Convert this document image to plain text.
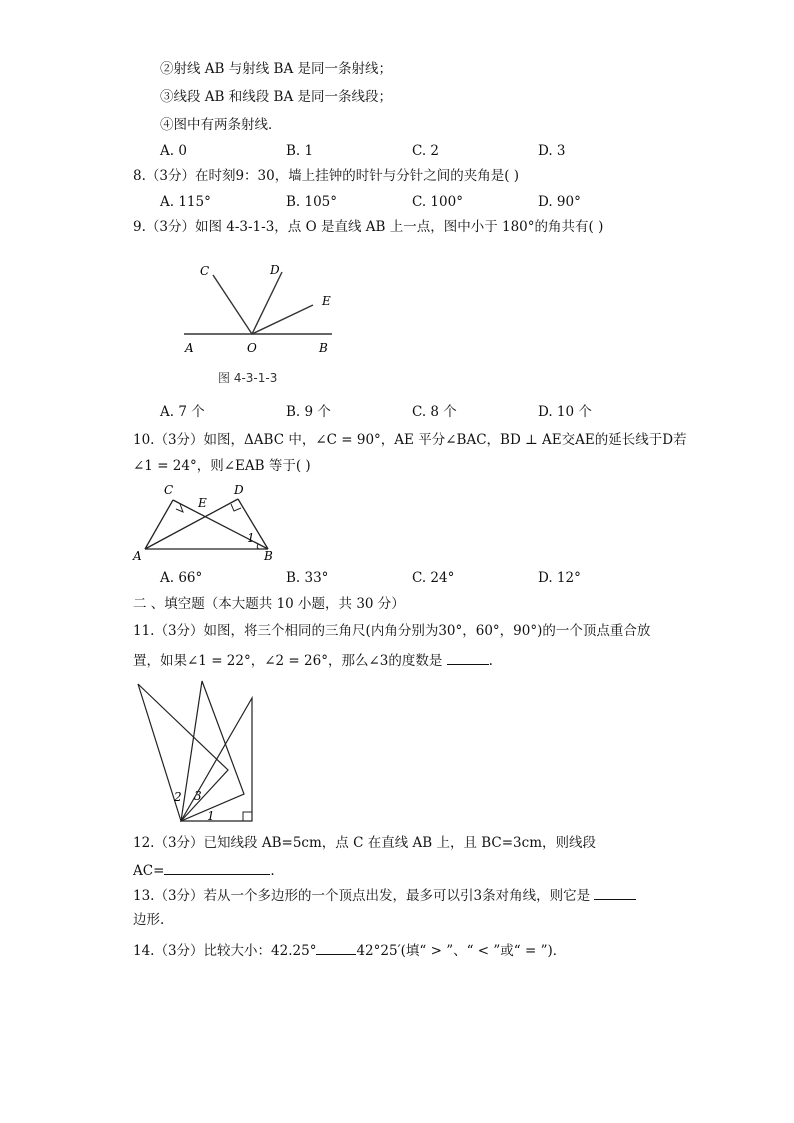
②射线 AB 与射线 BA 是同一条射线；
③线段 AB 和线段 BA 是同一条线段；
④图中有两条射线．
A. 0	B. 1	C. 2	D. 3
8.（3分）在时刻9：30，墙上挂钟的时针与分针之间的夹角是( )
A. 115°	B. 105°	C. 100°	D. 90°
9.（3分）如图 4-3-1-3，点 O 是直线 AB 上一点，图中小于 180°的角共有( )
C	D
E
A	O	B
图 4-3-1-3
A. 7 个	B. 9 个	C. 8 个	D. 10 个
10.（3分）如图，ΔABC 中，∠C = 90°，AE 平分∠BAC，BD ⊥ AE交AE的延长线于D若
∠1 = 24°，则∠EAB 等于( )
C
E
D
A	B
1
A. 66°	B. 33°	C. 24°	D. 12°
二 、填空题（本大题共 10 小题，共 30 分）
11.（3分）如图，将三个相同的三角尺(内角分别为30°，60°，90°)的一个顶点重合放
置，如果∠1 = 22°，∠2 = 26°，那么∠3的度数是	.
2 3
1
12.（3分）已知线段 AB=5cm，点 C 在直线 AB 上，且 BC=3cm，则线段
AC=	.
13.（3分）若从一个多边形的一个顶点出发，最多可以引3条对角线，则它是
边形.
14.（3分）比较大小：42.25°	42°25′(填“ > ”、“ < ”或“ = ”)．
